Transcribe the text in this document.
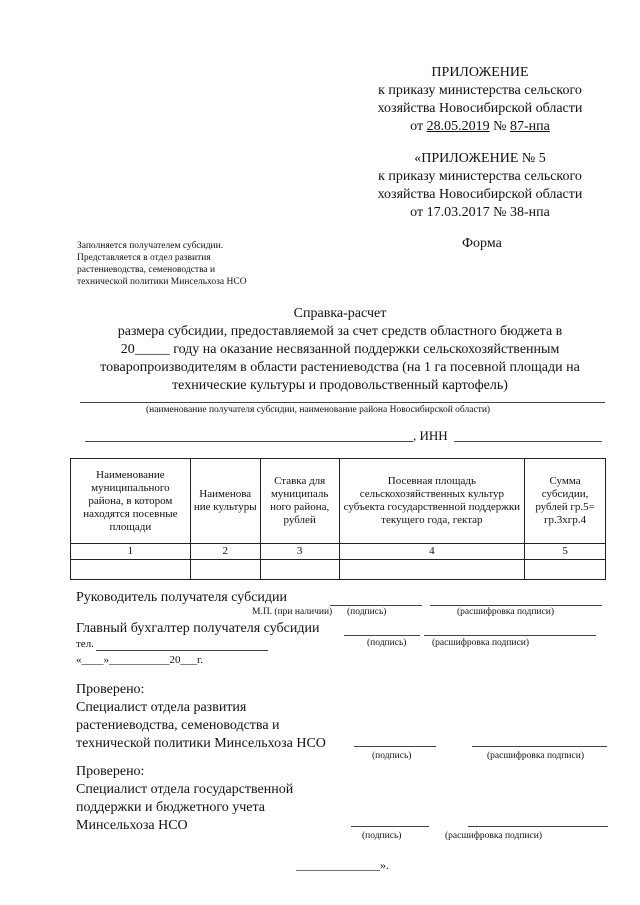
ПРИЛОЖЕНИЕ
к приказу министерства сельского
хозяйства Новосибирской области
от 28.05.2019 № 87-нпа
«ПРИЛОЖЕНИЕ № 5
к приказу министерства сельского
хозяйства Новосибирской области
от 17.03.2017 № 38-нпа
Заполняется получателем субсидии.
Представляется в отдел развития
растениеводства, семеноводства и
технической политики Минсельхоза НСО
Форма
Справка-расчет
размера субсидии, предоставляемой за счет средств областного бюджета в
20_____ году на оказание несвязанной поддержки сельскохозяйственным
товаропроизводителям в области растениеводства (на 1 га посевной площади на
технические культуры и продовольственный картофель)
(наименование получателя субсидии, наименование района Новосибирской области)
, ИНН
Наименование муниципального района, в котором находятся посевные площади	Наименова ние культуры	Ставка для муниципаль ного района, рублей	Посевная площадь сельскохозяйственных культур субъекта государственной поддержки текущего года, гектар	Сумма субсидии, рублей гр.5= гр.3хгр.4
1	2	3	4	5

Руководитель получателя субсидии
М.П. (при наличии) (подпись)	(расшифровка подписи)
Главный бухгалтер получателя субсидии
(подпись)	(расшифровка подписи)
тел.
«____»___________20___г.
Проверено:
Специалист отдела развития
растениеводства, семеноводства и
технической политики Минсельхоза НСО
(подпись)	(расшифровка подписи)
Проверено:
Специалист отдела государственной
поддержки и бюджетного учета
Минсельхоза НСО
(подпись)	(расшифровка подписи)
______________».
